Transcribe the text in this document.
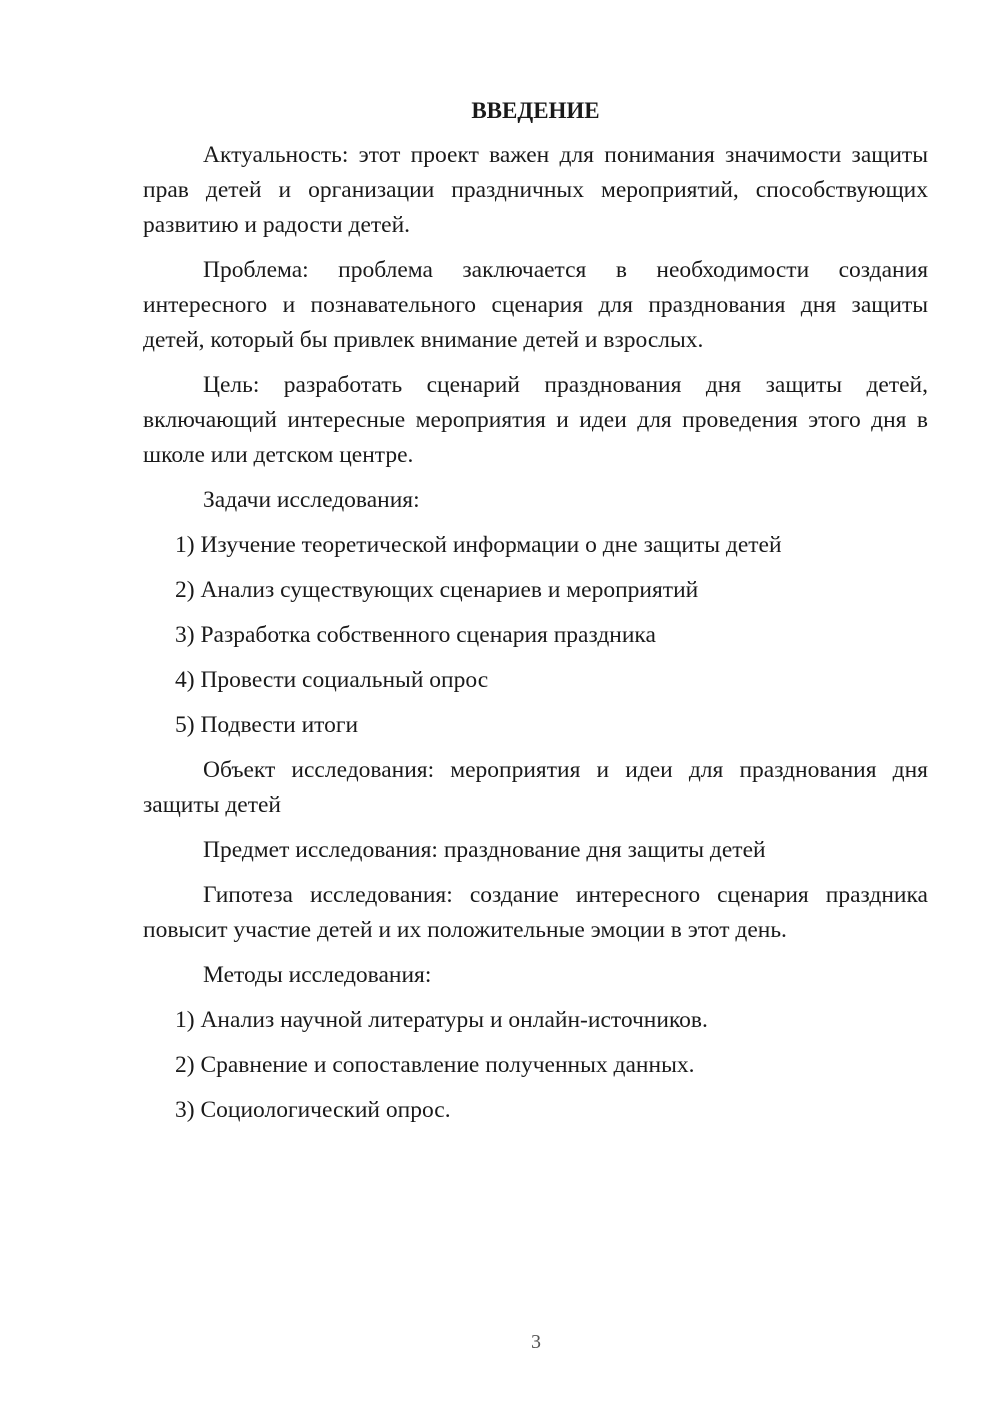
ВВЕДЕНИЕ

Актуальность: этот проект важен для понимания значимости защиты прав детей и организации праздничных мероприятий, способствующих развитию и радости детей.

Проблема: проблема заключается в необходимости создания интересного и познавательного сценария для празднования дня защиты детей, который бы привлек внимание детей и взрослых.

Цель: разработать сценарий празднования дня защиты детей, включающий интересные мероприятия и идеи для проведения этого дня в школе или детском центре.

Задачи исследования:

1) Изучение теоретической информации о дне защиты детей

2) Анализ существующих сценариев и мероприятий

3) Разработка собственного сценария праздника

4) Провести социальный опрос

5) Подвести итоги

Объект исследования: мероприятия и идеи для празднования дня защиты детей

Предмет исследования: празднование дня защиты детей

Гипотеза исследования: создание интересного сценария праздника повысит участие детей и их положительные эмоции в этот день.

Методы исследования:

1) Анализ научной литературы и онлайн-источников.

2) Сравнение и сопоставление полученных данных.

3) Социологический опрос.

3
